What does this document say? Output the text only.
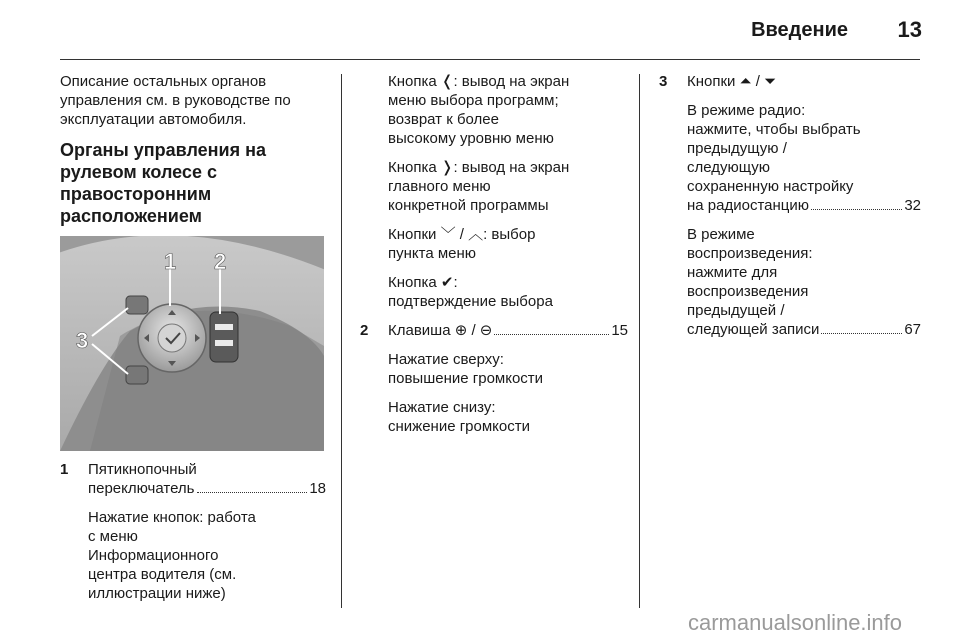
Введение	13

Описание остальных органов
управления см. в руководстве по
эксплуатации автомобиля.

Органы управления на
рулевом колесе с
правосторонним
расположением
1 2
3
1 Пятикнопочный
переключатель	18

Нажатие кнопок: работа
с меню
Информационного
центра водителя (см.
иллюстрации ниже)

Кнопка ❬: вывод на экран
меню выбора программ;
возврат к более
высокому уровню меню

Кнопка ❭: вывод на экран
главного меню
конкретной программы

Кнопки ﹀ / ︿: выбор
пункта меню

Кнопка ✔:
подтверждение выбора

2 Клавиша ⊕ / ⊖	15

Нажатие сверху:
повышение громкости

Нажатие снизу:
снижение громкости

3 Кнопки ⏶ / ⏷
В режиме радио:
нажмите, чтобы выбрать
предыдущую /
следующую
сохраненную настройку
на радиостанцию	32
В режиме
воспроизведения:
нажмите для
воспроизведения
предыдущей /
следующей записи	67
carmanualsonline.info
